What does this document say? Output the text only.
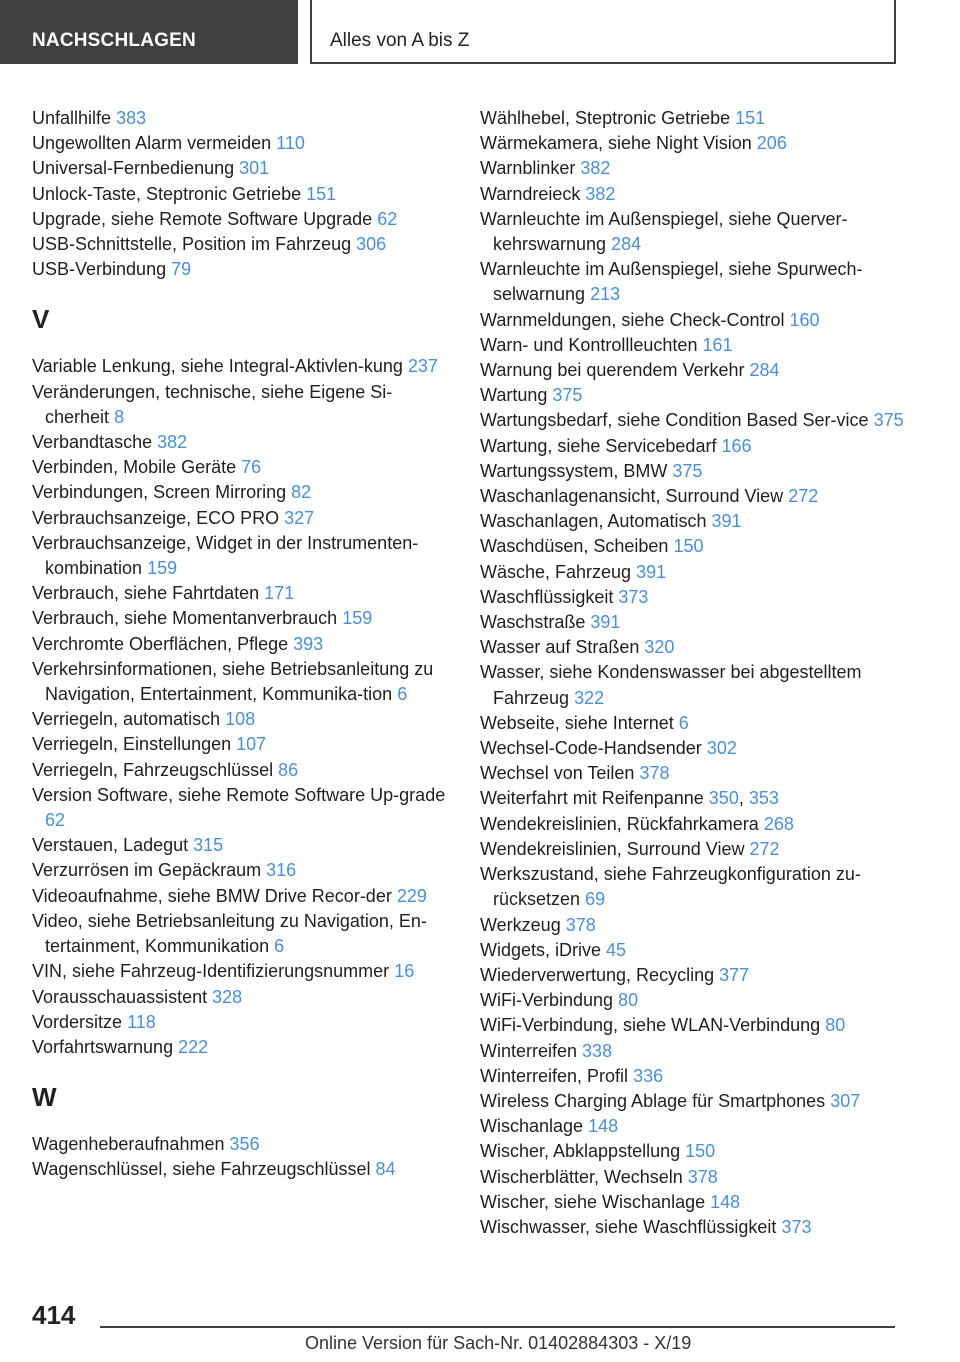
NACHSCHLAGEN	Alles von A bis Z
Unfallhilfe 383
Ungewollten Alarm vermeiden 110
Universal-Fernbedienung 301
Unlock-Taste, Steptronic Getriebe 151
Upgrade, siehe Remote Software Upgrade 62
USB-Schnittstelle, Position im Fahrzeug 306
USB-Verbindung 79
V
Variable Lenkung, siehe Integral-Aktivlen-kung 237
Veränderungen, technische, siehe Eigene Si-cherheit 8
Verbandtasche 382
Verbinden, Mobile Geräte 76
Verbindungen, Screen Mirroring 82
Verbrauchsanzeige, ECO PRO 327
Verbrauchsanzeige, Widget in der Instrumenten-kombination 159
Verbrauch, siehe Fahrtdaten 171
Verbrauch, siehe Momentanverbrauch 159
Verchromte Oberflächen, Pflege 393
Verkehrsinformationen, siehe Betriebsanleitung zu Navigation, Entertainment, Kommunika-tion 6
Verriegeln, automatisch 108
Verriegeln, Einstellungen 107
Verriegeln, Fahrzeugschlüssel 86
Version Software, siehe Remote Software Up-grade 62
Verstauen, Ladegut 315
Verzurrösen im Gepäckraum 316
Videoaufnahme, siehe BMW Drive Recor-der 229
Video, siehe Betriebsanleitung zu Navigation, En-tertainment, Kommunikation 6
VIN, siehe Fahrzeug-Identifizierungsnummer 16
Vorausschauassistent 328
Vordersitze 118
Vorfahrtswarnung 222
W
Wagenheberaufnahmen 356
Wagenschlüssel, siehe Fahrzeugschlüssel 84
Wählhebel, Steptronic Getriebe 151
Wärmekamera, siehe Night Vision 206
Warnblinker 382
Warndreieck 382
Warnleuchte im Außenspiegel, siehe Querver-kehrswarnung 284
Warnleuchte im Außenspiegel, siehe Spurwech-selwarnung 213
Warnmeldungen, siehe Check-Control 160
Warn- und Kontrollleuchten 161
Warnung bei querendem Verkehr 284
Wartung 375
Wartungsbedarf, siehe Condition Based Ser-vice 375
Wartung, siehe Servicebedarf 166
Wartungssystem, BMW 375
Waschanlagenansicht, Surround View 272
Waschanlagen, Automatisch 391
Waschdüsen, Scheiben 150
Wäsche, Fahrzeug 391
Waschflüssigkeit 373
Waschstraße 391
Wasser auf Straßen 320
Wasser, siehe Kondenswasser bei abgestelltem Fahrzeug 322
Webseite, siehe Internet 6
Wechsel-Code-Handsender 302
Wechsel von Teilen 378
Weiterfahrt mit Reifenpanne 350, 353
Wendekreislinien, Rückfahrkamera 268
Wendekreislinien, Surround View 272
Werkszustand, siehe Fahrzeugkonfiguration zu-rücksetzen 69
Werkzeug 378
Widgets, iDrive 45
Wiederverwertung, Recycling 377
WiFi-Verbindung 80
WiFi-Verbindung, siehe WLAN-Verbindung 80
Winterreifen 338
Winterreifen, Profil 336
Wireless Charging Ablage für Smartphones 307
Wischanlage 148
Wischer, Abklappstellung 150
Wischerblätter, Wechseln 378
Wischer, siehe Wischanlage 148
Wischwasser, siehe Waschflüssigkeit 373
414
Online Version für Sach-Nr. 01402884303 - X/19
